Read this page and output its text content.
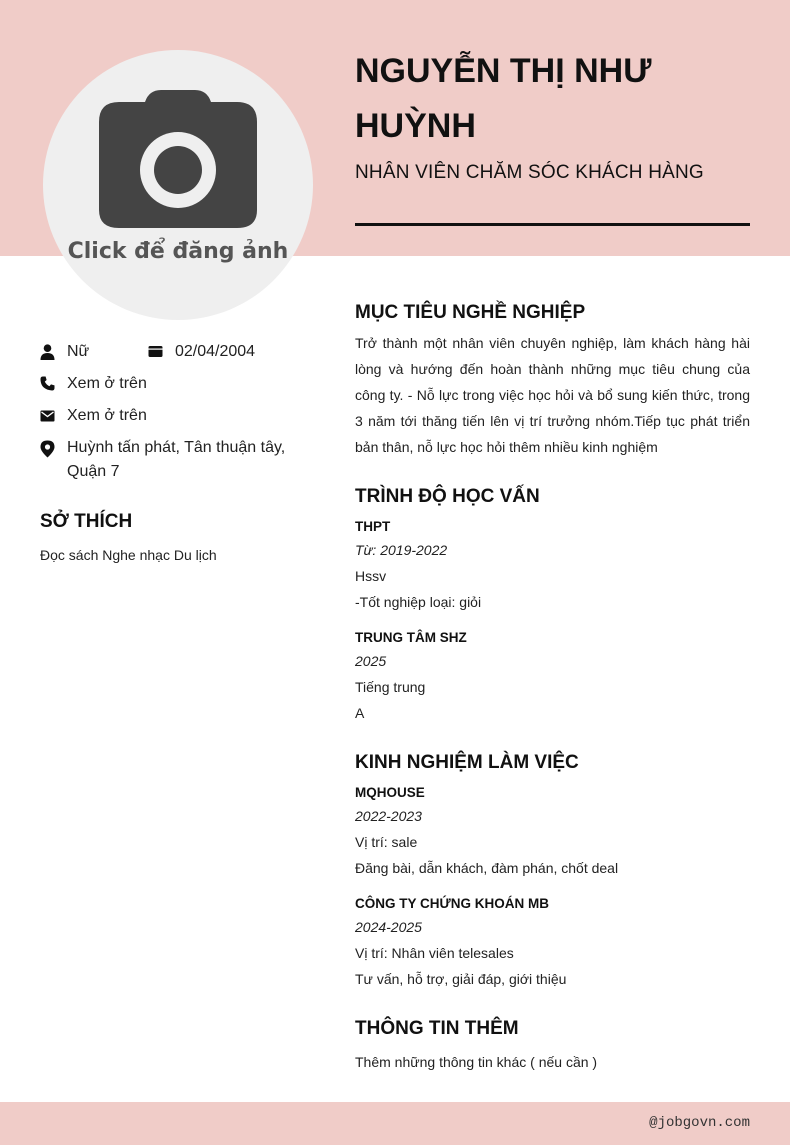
Click để đăng ảnh
NGUYỄN THỊ NHƯ HUỲNH
NHÂN VIÊN CHĂM SÓC KHÁCH HÀNG
Nữ	02/04/2004
Xem ở trên
Xem ở trên
Huỳnh tấn phát, Tân thuận tây, Quận 7
SỞ THÍCH
Đọc sách Nghe nhạc Du lịch
MỤC TIÊU NGHỀ NGHIỆP
Trở thành một nhân viên chuyên nghiệp, làm khách hàng hài lòng và hướng đến hoàn thành những mục tiêu chung của công ty. - Nỗ lực trong việc học hỏi và bổ sung kiến thức, trong 3 năm tới thăng tiến lên vị trí trưởng nhóm.Tiếp tục phát triển bản thân, nỗ lực học hỏi thêm nhiều kinh nghiệm
TRÌNH ĐỘ HỌC VẤN
THPT
Từ: 2019-2022
Hssv
-Tốt nghiệp loại: giỏi
TRUNG TÂM SHZ
2025
Tiếng trung
A
KINH NGHIỆM LÀM VIỆC
MQHOUSE
2022-2023
Vị trí: sale
Đăng bài, dẫn khách, đàm phán, chốt deal
CÔNG TY CHỨNG KHOÁN MB
2024-2025
Vị trí: Nhân viên telesales
Tư vấn, hỗ trợ, giải đáp, giới thiệu
THÔNG TIN THÊM
Thêm những thông tin khác ( nếu cần )
@jobgovn.com
